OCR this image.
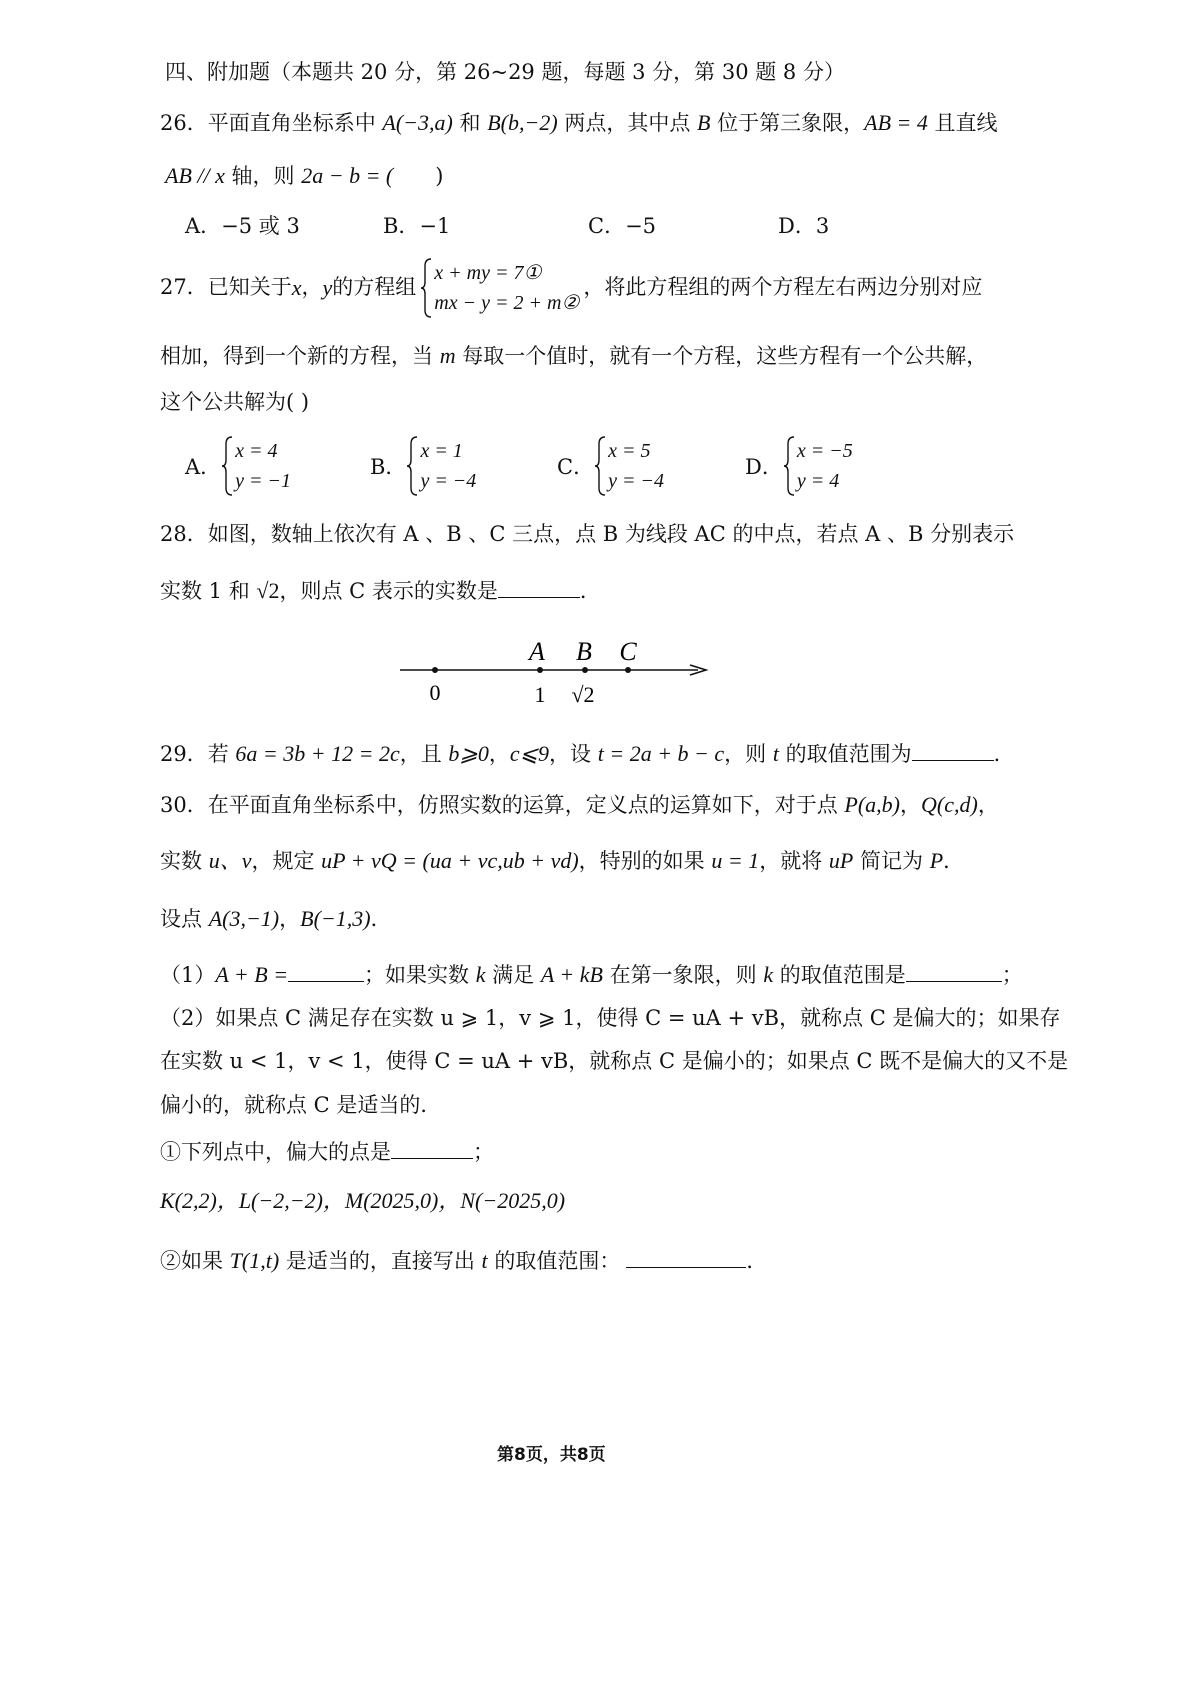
四、附加题（本题共 20 分，第 26~29 题，每题 3 分，第 30 题 8 分）
26．平面直角坐标系中 A(−3,a) 和 B(b,−2) 两点，其中点 B 位于第三象限，AB = 4 且直线
AB // x 轴，则 2a − b = ( )
A．−5 或 3	B．−1	C．−5	D．3
27．已知关于 x ， y 的方程组
x + my = 7①
mx − y = 2 + m②
，将此方程组的两个方程左右两边分别对应
相加，得到一个新的方程，当 m 每取一个值时，就有一个方程，这些方程有一个公共解，
这个公共解为( )
A．
x = 4
y = −1
B．
x = 1
y = −4
C．
x = 5
y = −4
D．
x = −5
y = 4
28．如图，数轴上依次有 A 、B 、C 三点，点 B 为线段 AC 的中点，若点 A 、B 分别表示
实数 1 和 √2，则点 C 表示的实数是	．
A B C
0	1 √2
29．若 6a = 3b + 12 = 2c，且 b⩾0，c⩽9，设 t = 2a + b − c，则 t 的取值范围为	．
30．在平面直角坐标系中，仿照实数的运算，定义点的运算如下，对于点 P(a,b)，Q(c,d)，
实数 u、v，规定 uP + vQ = (ua + vc,ub + vd)，特别的如果 u = 1，就将 uP 简记为 P．
设点 A(3,−1)，B(−1,3)．
（1）A + B =	；如果实数 k 满足 A + kB 在第一象限，则 k 的取值范围是	；
（2）如果点 C 满足存在实数 u ⩾ 1，v ⩾ 1，使得 C = uA + vB，就称点 C 是偏大的；如果存
在实数 u < 1，v < 1，使得 C = uA + vB，就称点 C 是偏小的；如果点 C 既不是偏大的又不是
偏小的，就称点 C 是适当的．
①下列点中，偏大的点是	；
K(2,2)，L(−2,−2)，M(2025,0)，N(−2025,0)
②如果 T(1,t) 是适当的，直接写出 t 的取值范围：	．
第8页，共8页
